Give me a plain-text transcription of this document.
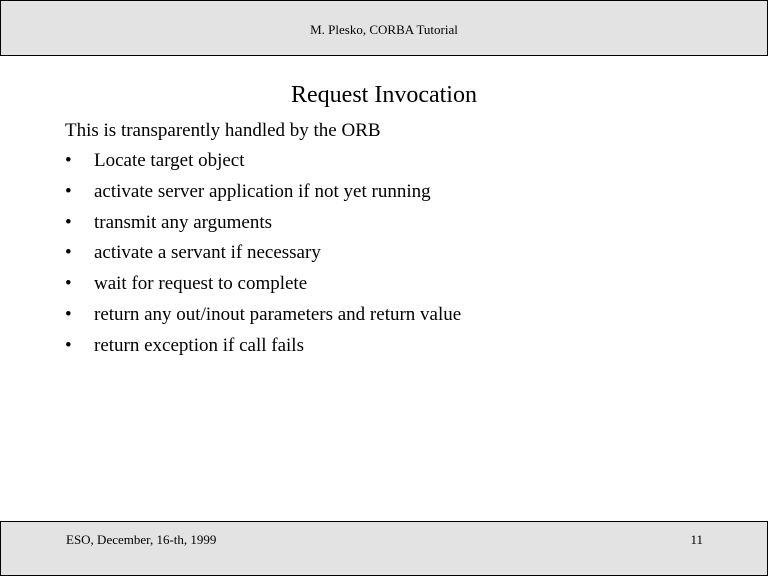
M. Plesko, CORBA Tutorial
Request Invocation
This is transparently handled by the ORB
•	Locate target object
•	activate server application if not yet running
•	transmit any arguments
•	activate a servant if necessary
•	wait for request to complete
•	return any out/inout parameters and return value
•	return exception if call fails
ESO, December, 16-th, 1999	11
